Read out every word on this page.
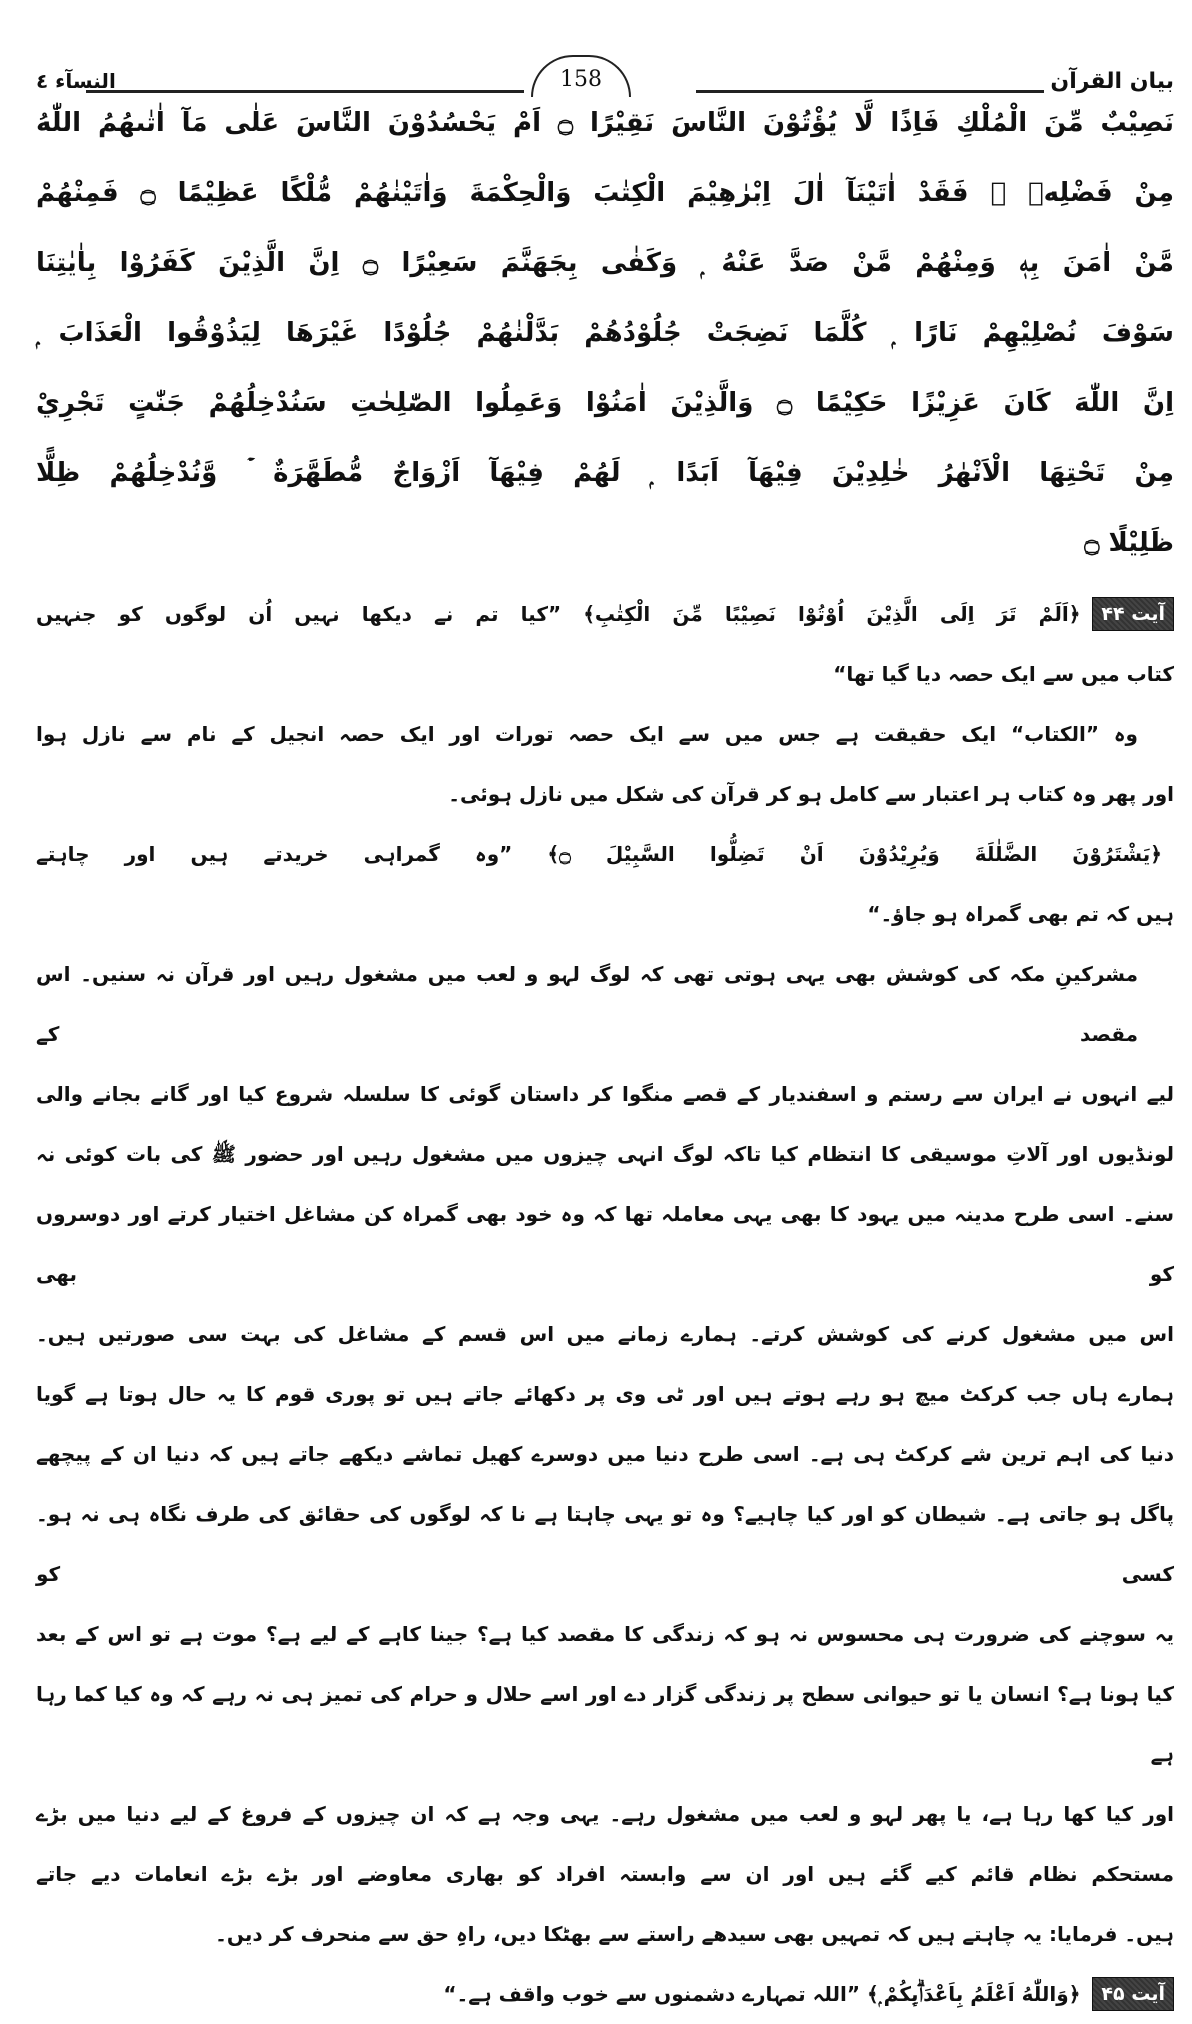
بیان القرآن
158
النسآء ٤
نَصِيْبٌ مِّنَ الْمُلْكِ فَاِذًا لَّا يُؤْتُوْنَ النَّاسَ نَقِيْرًا ۝ اَمْ يَحْسُدُوْنَ النَّاسَ عَلٰى مَآ اٰتٰىهُمُ اللّٰهُ
مِنْ فَضْلِهٖ ۚ فَقَدْ اٰتَيْنَآ اٰلَ اِبْرٰهِيْمَ الْكِتٰبَ وَالْحِكْمَةَ وَاٰتَيْنٰهُمْ مُّلْكًا عَظِيْمًا ۝ فَمِنْهُمْ
مَّنْ اٰمَنَ بِهٖ وَمِنْهُمْ مَّنْ صَدَّ عَنْهُ ۭ وَكَفٰى بِجَهَنَّمَ سَعِيْرًا ۝ اِنَّ الَّذِيْنَ كَفَرُوْا بِاٰيٰتِنَا
سَوْفَ نُصْلِيْهِمْ نَارًا ۭ كُلَّمَا نَضِجَتْ جُلُوْدُهُمْ بَدَّلْنٰهُمْ جُلُوْدًا غَيْرَهَا لِيَذُوْقُوا الْعَذَابَ ۭ
اِنَّ اللّٰهَ كَانَ عَزِيْزًا حَكِيْمًا ۝ وَالَّذِيْنَ اٰمَنُوْا وَعَمِلُوا الصّٰلِحٰتِ سَنُدْخِلُهُمْ جَنّٰتٍ تَجْرِيْ
مِنْ تَحْتِهَا الْاَنْهٰرُ خٰلِدِيْنَ فِيْهَآ اَبَدًا ۭ لَهُمْ فِيْهَآ اَزْوَاجٌ مُّطَهَّرَةٌ ۡ وَّنُدْخِلُهُمْ ظِلًّا
ظَلِيْلًا ۝
آیت ۴۴
﴿اَلَمْ تَرَ اِلَى الَّذِيْنَ اُوْتُوْا نَصِيْبًا مِّنَ الْكِتٰبِ﴾ ”کیا تم نے دیکھا نہیں اُن لوگوں کو جنہیں
کتاب میں سے ایک حصہ دیا گیا تھا“
وہ ”الکتاب“ ایک حقیقت ہے جس میں سے ایک حصہ تورات اور ایک حصہ انجیل کے نام سے نازل ہوا
اور پھر وہ کتاب ہر اعتبار سے کامل ہو کر قرآن کی شکل میں نازل ہوئی۔
﴿يَشْتَرُوْنَ الضَّلٰلَةَ وَيُرِيْدُوْنَ اَنْ تَضِلُّوا السَّبِيْلَ ۝﴾ ”وہ گمراہی خریدتے ہیں اور چاہتے
ہیں کہ تم بھی گمراہ ہو جاؤ۔“
مشرکینِ مکہ کی کوشش بھی یہی ہوتی تھی کہ لوگ لہو و لعب میں مشغول رہیں اور قرآن نہ سنیں۔ اس مقصد کے
لیے انہوں نے ایران سے رستم و اسفندیار کے قصے منگوا کر داستان گوئی کا سلسلہ شروع کیا اور گانے بجانے والی
لونڈیوں اور آلاتِ موسیقی کا انتظام کیا تاکہ لوگ انہی چیزوں میں مشغول رہیں اور حضور ﷺ کی بات کوئی نہ
سنے۔ اسی طرح مدینہ میں یہود کا بھی یہی معاملہ تھا کہ وہ خود بھی گمراہ کن مشاغل اختیار کرتے اور دوسروں کو بھی
اس میں مشغول کرنے کی کوشش کرتے۔ ہمارے زمانے میں اس قسم کے مشاغل کی بہت سی صورتیں ہیں۔
ہمارے ہاں جب کرکٹ میچ ہو رہے ہوتے ہیں اور ٹی وی پر دکھائے جاتے ہیں تو پوری قوم کا یہ حال ہوتا ہے گویا
دنیا کی اہم ترین شے کرکٹ ہی ہے۔ اسی طرح دنیا میں دوسرے کھیل تماشے دیکھے جاتے ہیں کہ دنیا ان کے پیچھے
پاگل ہو جاتی ہے۔ شیطان کو اور کیا چاہیے؟ وہ تو یہی چاہتا ہے نا کہ لوگوں کی حقائق کی طرف نگاہ ہی نہ ہو۔ کسی کو
یہ سوچنے کی ضرورت ہی محسوس نہ ہو کہ زندگی کا مقصد کیا ہے؟ جینا کاہے کے لیے ہے؟ موت ہے تو اس کے بعد
کیا ہونا ہے؟ انسان یا تو حیوانی سطح پر زندگی گزار دے اور اسے حلال و حرام کی تمیز ہی نہ رہے کہ وہ کیا کما رہا ہے
اور کیا کھا رہا ہے، یا پھر لہو و لعب میں مشغول رہے۔ یہی وجہ ہے کہ ان چیزوں کے فروغ کے لیے دنیا میں بڑے
مستحکم نظام قائم کیے گئے ہیں اور ان سے وابستہ افراد کو بھاری معاوضے اور بڑے بڑے انعامات دیے جاتے
ہیں۔ فرمایا: یہ چاہتے ہیں کہ تمہیں بھی سیدھے راستے سے بھٹکا دیں، راہِ حق سے منحرف کر دیں۔
آیت ۴۵
﴿وَاللّٰهُ اَعْلَمُ بِاَعْدَاۗىِٕكُمْ ۭ﴾ ”اللہ تمہارے دشمنوں سے خوب واقف ہے۔“
